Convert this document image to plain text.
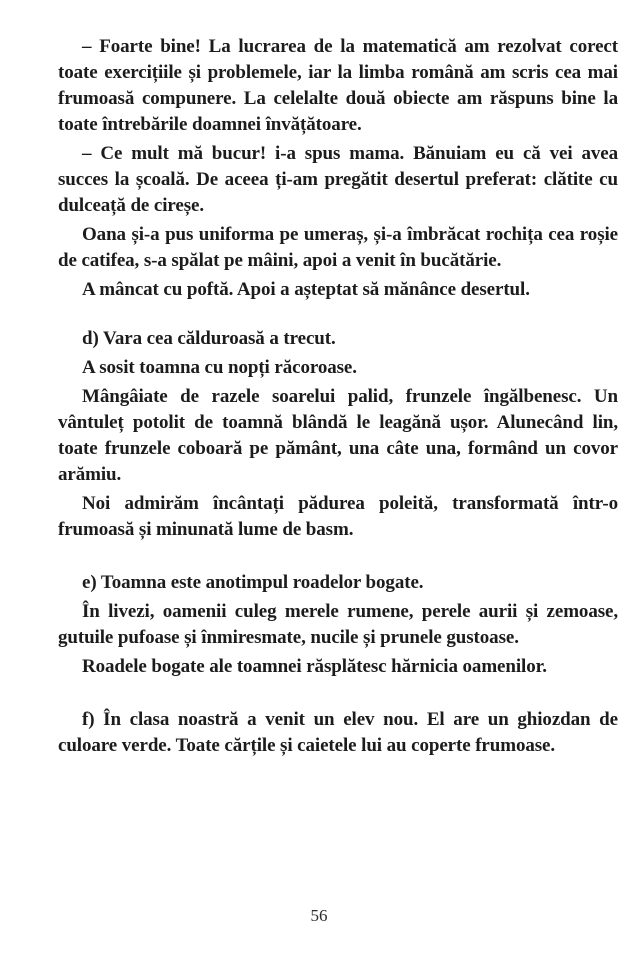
– Foarte bine! La lucrarea de la matematică am rezolvat corect toate exercițiile și problemele, iar la limba română am scris cea mai frumoasă compunere. La celelalte două obiecte am răspuns bine la toate întrebările doamnei învățătoare.

– Ce mult mă bucur! i-a spus mama. Bănuiam eu că vei avea succes la școală. De aceea ți-am pregătit desertul preferat: clătite cu dulceață de cireșe.

Oana și-a pus uniforma pe umeraș, și-a îmbrăcat rochița cea roșie de catifea, s-a spălat pe mâini, apoi a venit în bucătărie.

A mâncat cu poftă. Apoi a așteptat să mănânce desertul.

d) Vara cea călduroasă a trecut.

A sosit toamna cu nopți răcoroase.

Mângâiate de razele soarelui palid, frunzele îngălbenesc. Un vântuleț potolit de toamnă blândă le leagănă ușor. Alunecând lin, toate frunzele coboară pe pământ, una câte una, formând un covor arămiu.

Noi admirăm încântați pădurea poleită, transformată într-o frumoasă și minunată lume de basm.

e) Toamna este anotimpul roadelor bogate.

În livezi, oamenii culeg merele rumene, perele aurii și zemoase, gutuile pufoase și înmiresmate, nucile și prunele gustoase.

Roadele bogate ale toamnei răsplătesc hărnicia oamenilor.

f) În clasa noastră a venit un elev nou. El are un ghiozdan de culoare verde. Toate cărțile și caietele lui au coperte frumoase.

56
